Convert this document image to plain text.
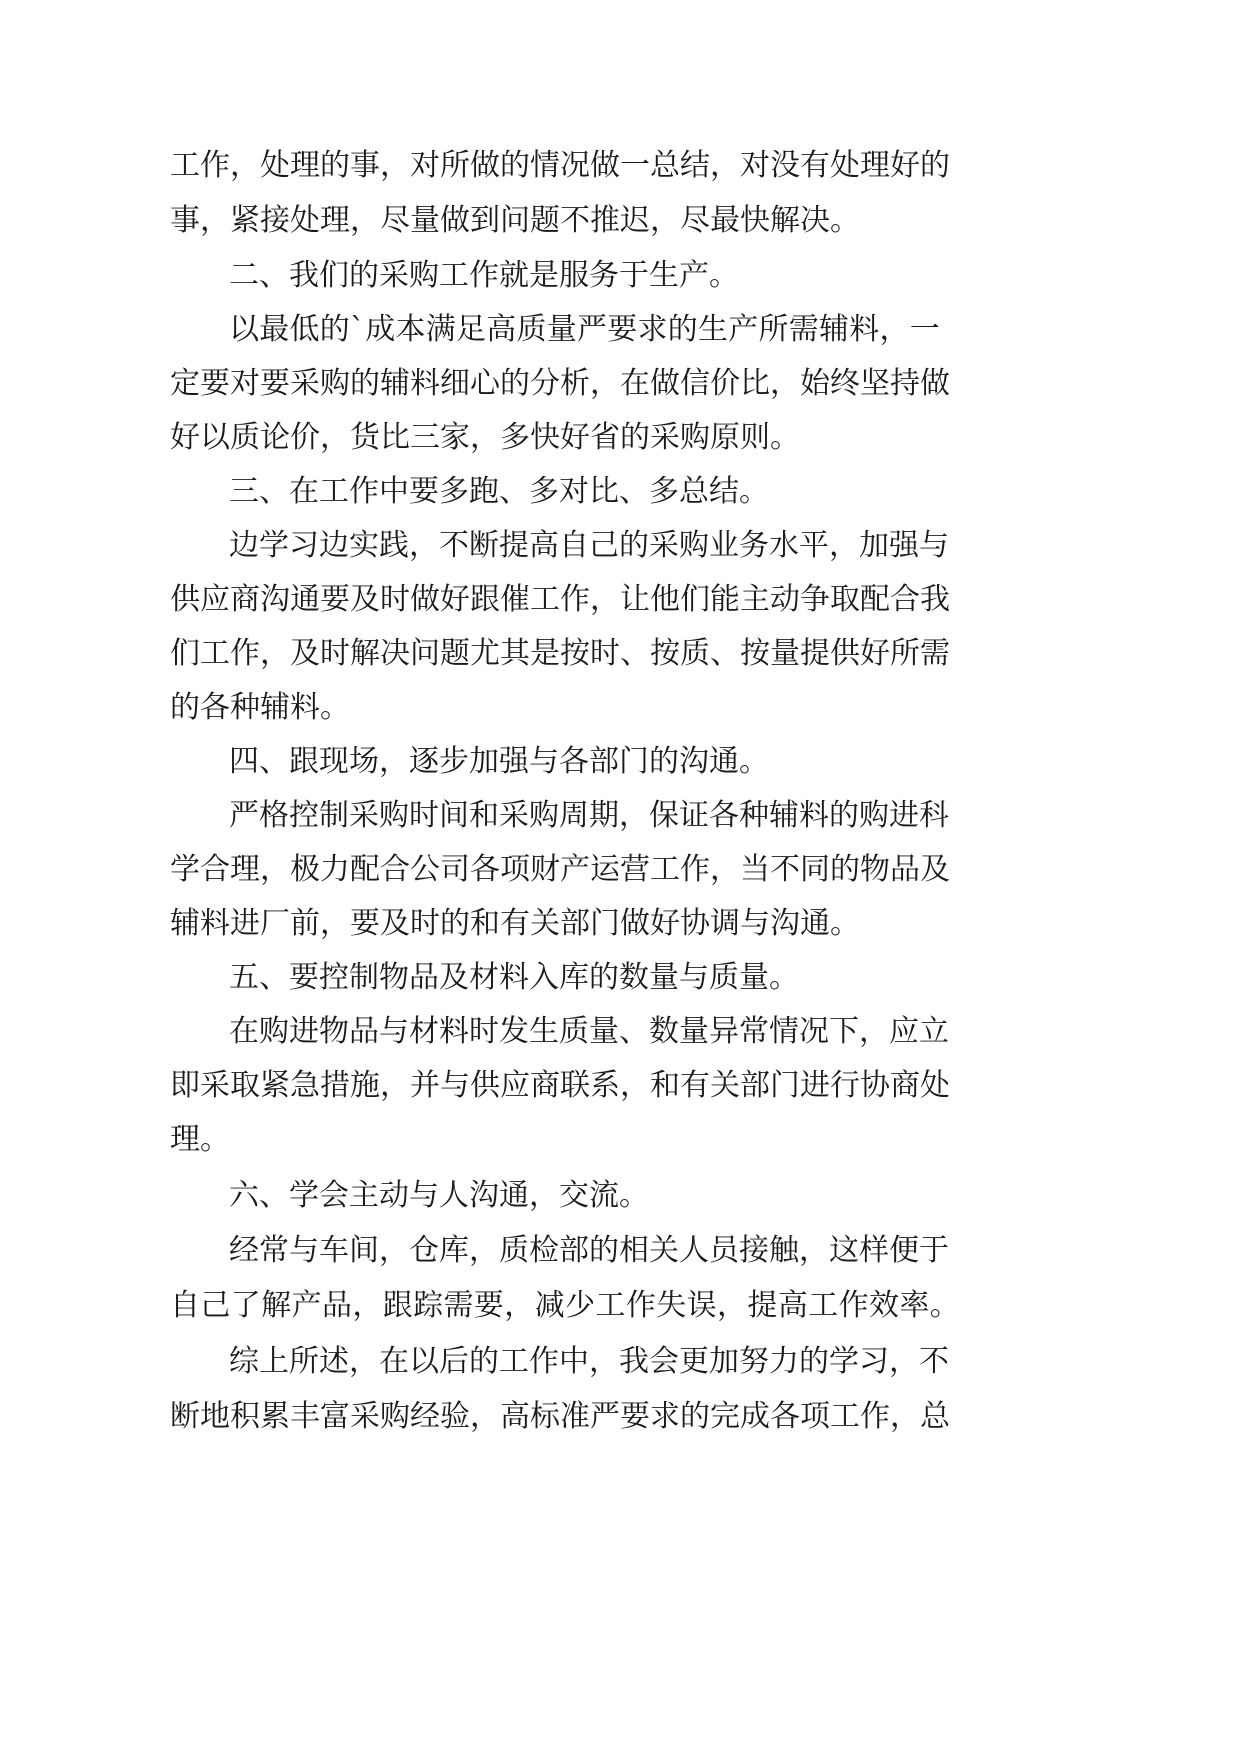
工 作 ， 处 理 的 事 ， 对 所 做 的 情 况 做 一 总 结 ， 对 没 有 处 理 好 的

事，紧接处理，尽量做到问题不推迟，尽最快解决。

二、我们的采购工作就是服务于生产。

以 最 低 的 ` 成 本 满 足 高 质 量 严 要 求 的 生 产 所 需 辅 料 ， 一

定 要 对 要 采 购 的 辅 料 细 心 的 分 析 ， 在 做 信 价 比 ， 始 终 坚 持 做

好以质论价，货比三家，多快好省的采购原则。

三、在工作中要多跑、多对比、多总结。

边 学 习 边 实 践 ， 不 断 提 高 自 己 的 采 购 业 务 水 平 ， 加 强 与

供 应 商 沟 通 要 及 时 做 好 跟 催 工 作 ， 让 他 们 能 主 动 争 取 配 合 我

们 工 作 ， 及 时 解 决 问 题 尤 其 是 按 时 、 按 质 、 按 量 提 供 好 所 需

的各种辅料。

四、跟现场，逐步加强与各部门的沟通。

严 格 控 制 采 购 时 间 和 采 购 周 期 ， 保 证 各 种 辅 料 的 购 进 科

学 合 理 ， 极 力 配 合 公 司 各 项 财 产 运 营 工 作 ， 当 不 同 的 物 品 及

辅料进厂前，要及时的和有关部门做好协调与沟通。

五、要控制物品及材料入库的数量与质量。

在 购 进 物 品 与 材 料 时 发 生 质 量 、 数 量 异 常 情 况 下 ， 应 立

即 采 取 紧 急 措 施 ， 并 与 供 应 商 联 系 ， 和 有 关 部 门 进 行 协 商 处

理。

六、学会主动与人沟通，交流。

经 常 与 车 间 ， 仓 库 ， 质 检 部 的 相 关 人 员 接 触 ， 这 样 便 于

自 己 了 解 产 品 ， 跟 踪 需 要 ， 减 少 工 作 失 误 ， 提 高 工 作 效 率 。

综 上 所 述 ， 在 以 后 的 工 作 中 ， 我 会 更 加 努 力 的 学 习 ， 不

断 地 积 累 丰 富 采 购 经 验 ， 高 标 准 严 要 求 的 完 成 各 项 工 作 ， 总
